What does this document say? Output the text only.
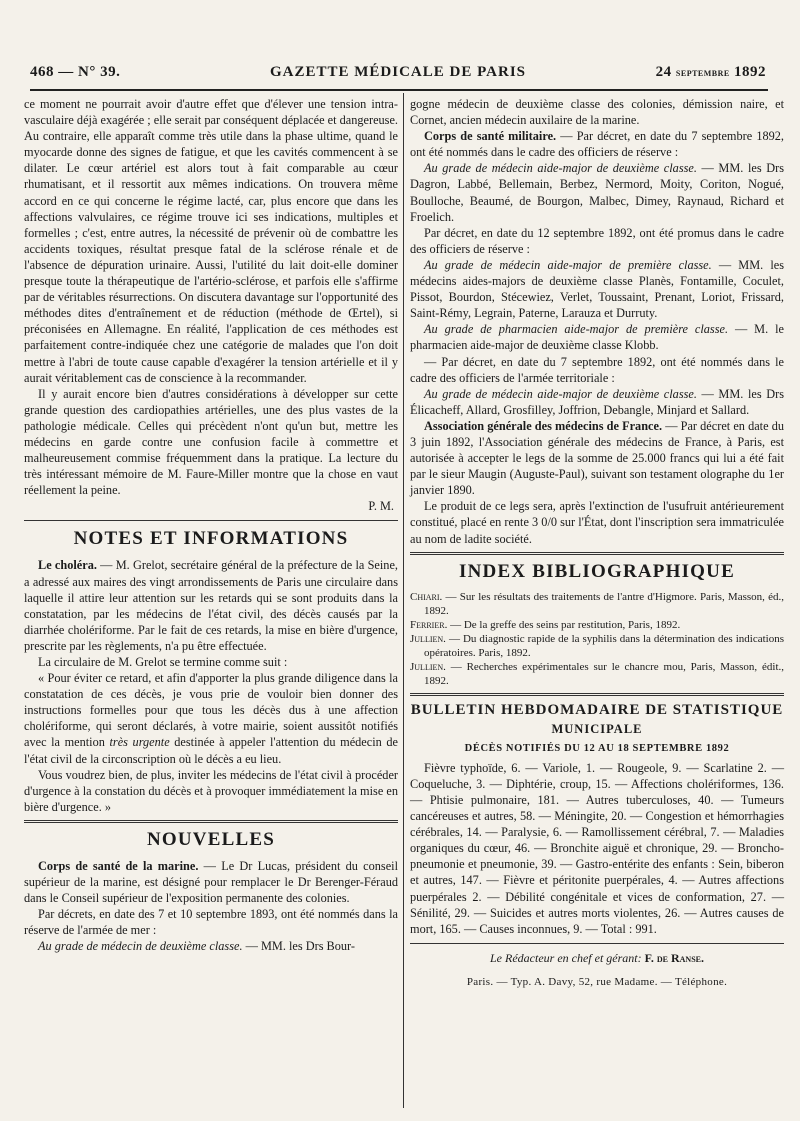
468 — N° 39.	GAZETTE MÉDICALE DE PARIS	24 septembre 1892

ce moment ne pourrait avoir d'autre effet que d'élever une tension intra-vasculaire déjà exagérée ; elle serait par conséquent déplacée et dangereuse. Au contraire, elle apparaît comme très utile dans la phase ultime, quand le myocarde donne des signes de fatigue, et que les cavités commencent à se dilater. Le cœur artériel est alors tout à fait comparable au cœur rhumatisant, et il ressortit aux mêmes indications. On trouvera même accord en ce qui concerne le régime lacté, car, plus encore que dans les affections valvulaires, ce régime trouve ici ses indications, multiples et formelles ; c'est, entre autres, la nécessité de prévenir où de combattre les accidents toxiques, résultat presque fatal de la sclérose rénale et de l'absence de dépuration urinaire. Aussi, l'utilité du lait doit-elle dominer presque toute la thérapeutique de l'artério-sclérose, et parfois elle s'affirme par de véritables résurrections. On discutera davantage sur l'opportunité des méthodes dites d'entraînement et de réduction (méthode de Œrtel), si préconisées en Allemagne. En réalité, l'application de ces méthodes est parfaitement contre-indiquée chez une catégorie de malades que l'on doit mettre à l'abri de toute cause capable d'exagérer la tension artérielle et il y aurait véritablement cas de conscience à la recommander.

Il y aurait encore bien d'autres considérations à développer sur cette grande question des cardiopathies artérielles, une des plus vastes de la pathologie médicale. Celles qui précèdent n'ont qu'un but, mettre les médecins en garde contre une confusion facile à commettre et malheureusement commise fréquemment dans la pratique. La lecture du très intéressant mémoire de M. Faure-Miller montre que la chose en vaut réellement la peine.

P. M.
NOTES ET INFORMATIONS

Le choléra. — M. Grelot, secrétaire général de la préfecture de la Seine, a adressé aux maires des vingt arrondissements de Paris une circulaire dans laquelle il attire leur attention sur les retards qui se sont produits dans la constatation, par les médecins de l'état civil, des décès causés par la diarrhée cholériforme. Par le fait de ces retards, la mise en bière d'urgence, prescrite par les règlements, n'a pu être effectuée.

La circulaire de M. Grelot se termine comme suit :

« Pour éviter ce retard, et afin d'apporter la plus grande diligence dans la constatation de ces décès, je vous prie de vouloir bien donner des instructions formelles pour que tous les décès dus à une affection cholériforme, qui seront déclarés, à votre mairie, soient aussitôt notifiés avec la mention très urgente destinée à appeler l'attention du médecin de l'état civil de la circonscription où le décès a eu lieu.

Vous voudrez bien, de plus, inviter les médecins de l'état civil à procéder d'urgence à la constation du décès et à provoquer immédiatement la mise en bière d'urgence. »

NOUVELLES

Corps de santé de la marine. — Le Dr Lucas, président du conseil supérieur de la marine, est désigné pour remplacer le Dr Berenger-Féraud dans le Conseil supérieur de l'exposition permanente des colonies.

Par décrets, en date des 7 et 10 septembre 1893, ont été nommés dans la réserve de l'armée de mer :

Au grade de médecin de deuxième classe. — MM. les Drs Bour-

gogne médecin de deuxième classe des colonies, démission naire, et Cornet, ancien médecin auxilaire de la marine.

Corps de santé militaire. — Par décret, en date du 7 septembre 1892, ont été nommés dans le cadre des officiers de réserve :

Au grade de médecin aide-major de deuxième classe. — MM. les Drs Dagron, Labbé, Bellemain, Berbez, Nermord, Moity, Coriton, Nogué, Boulloche, Beaumé, de Bourgon, Malbec, Dimey, Raynaud, Richard et Froelich.

Par décret, en date du 12 septembre 1892, ont été promus dans le cadre des officiers de réserve :

Au grade de médecin aide-major de première classe. — MM. les médecins aides-majors de deuxième classe Planès, Fontamille, Coculet, Pissot, Bourdon, Stécewiez, Verlet, Toussaint, Prenant, Loriot, Frissard, Saint-Rémy, Legrain, Paterne, Larauza et Durruty.

Au grade de pharmacien aide-major de première classe. — M. le pharmacien aide-major de deuxième classe Klobb.

— Par décret, en date du 7 septembre 1892, ont été nommés dans le cadre des officiers de l'armée territoriale :

Au grade de médecin aide-major de deuxième classe. — MM. les Drs Élicacheff, Allard, Grosfilley, Joffrion, Debangle, Minjard et Sallard.

Association générale des médecins de France. — Par décret en date du 3 juin 1892, l'Association générale des médecins de France, à Paris, est autorisée à accepter le legs de la somme de 25.000 francs qui lui a été fait par le sieur Maugin (Auguste-Paul), suivant son testament olographe du 1er janvier 1890.

Le produit de ce legs sera, après l'extinction de l'usufruit antérieurement constitué, placé en rente 3 0/0 sur l'État, dont l'inscription sera immatriculée au nom de ladite société.

INDEX BIBLIOGRAPHIQUE

Chiari. — Sur les résultats des traitements de l'antre d'Higmore. Paris, Masson, éd., 1892.

Ferrier. — De la greffe des seins par restitution, Paris, 1892.

Jullien. — Du diagnostic rapide de la syphilis dans la détermination des indications opératoires. Paris, 1892.

Jullien. — Recherches expérimentales sur le chancre mou, Paris, Masson, édit., 1892.

BULLETIN HEBDOMADAIRE DE STATISTIQUE
MUNICIPALE
DÉCÈS NOTIFIÉS DU 12 AU 18 SEPTEMBRE 1892

Fièvre typhoïde, 6. — Variole, 1. — Rougeole, 9. — Scarlatine 2. — Coqueluche, 3. — Diphtérie, croup, 15. — Affections cholériformes, 136. — Phtisie pulmonaire, 181. — Autres tuberculoses, 40. — Tumeurs cancéreuses et autres, 58. — Méningite, 20. — Congestion et hémorrhagies cérébrales, 14. — Paralysie, 6. — Ramollissement cérébral, 7. — Maladies organiques du cœur, 46. — Bronchite aiguë et chronique, 29. — Broncho-pneumonie et pneumonie, 39. — Gastro-entérite des enfants : Sein, biberon et autres, 147. — Fièvre et péritonite puerpérales, 4. — Autres affections puerpérales 2. — Débilité congénitale et vices de conformation, 27. — Sénilité, 29. — Suicides et autres morts violentes, 26. — Autres causes de mort, 165. — Causes inconnues, 9. — Total : 991.

Le Rédacteur en chef et gérant: F. de Ranse.
Paris. — Typ. A. Davy, 52, rue Madame. — Téléphone.
